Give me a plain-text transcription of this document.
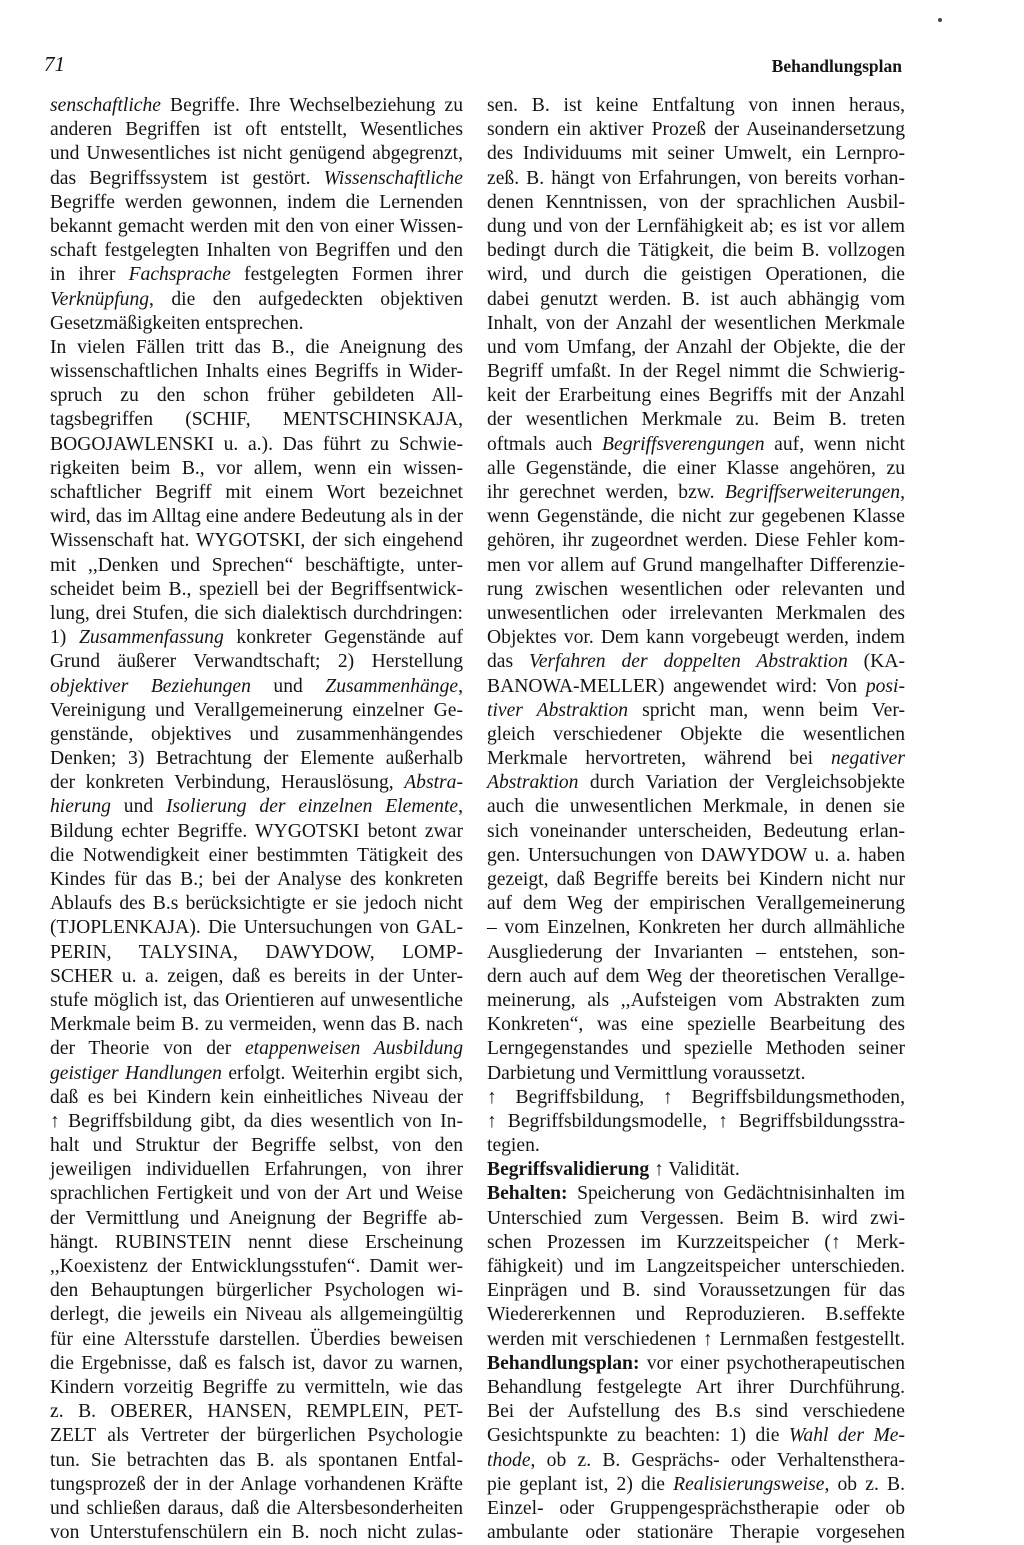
71	Behandlungsplan
senschaftliche Begriffe. Ihre Wechselbeziehung zu
anderen Begriffen ist oft entstellt, Wesentliches
und Unwesentliches ist nicht genügend abgegrenzt,
das Begriffssystem ist gestört. Wissenschaftliche
Begriffe werden gewonnen, indem die Lernenden
bekannt gemacht werden mit den von einer Wissen-
schaft festgelegten Inhalten von Begriffen und den
in ihrer Fachsprache festgelegten Formen ihrer
Verknüpfung, die den aufgedeckten objektiven
Gesetzmäßigkeiten entsprechen.
In vielen Fällen tritt das B., die Aneignung des
wissenschaftlichen Inhalts eines Begriffs in Wider-
spruch zu den schon früher gebildeten All-
tagsbegriffen (SCHIF, MENTSCHINSKAJA,
BOGOJAWLENSKI u. a.). Das führt zu Schwie-
rigkeiten beim B., vor allem, wenn ein wissen-
schaftlicher Begriff mit einem Wort bezeichnet
wird, das im Alltag eine andere Bedeutung als in der
Wissenschaft hat. WYGOTSKI, der sich eingehend
mit ,,Denken und Sprechen“ beschäftigte, unter-
scheidet beim B., speziell bei der Begriffsentwick-
lung, drei Stufen, die sich dialektisch durchdringen:
1) Zusammenfassung konkreter Gegenstände auf
Grund äußerer Verwandtschaft; 2) Herstellung
objektiver Beziehungen und Zusammenhänge,
Vereinigung und Verallgemeinerung einzelner Ge-
genstände, objektives und zusammenhängendes
Denken; 3) Betrachtung der Elemente außerhalb
der konkreten Verbindung, Herauslösung, Abstra-
hierung und Isolierung der einzelnen Elemente,
Bildung echter Begriffe. WYGOTSKI betont zwar
die Notwendigkeit einer bestimmten Tätigkeit des
Kindes für das B.; bei der Analyse des konkreten
Ablaufs des B.s berücksichtigte er sie jedoch nicht
(TJOPLENKAJA). Die Untersuchungen von GAL-
PERIN, TALYSINA, DAWYDOW, LOMP-
SCHER u. a. zeigen, daß es bereits in der Unter-
stufe möglich ist, das Orientieren auf unwesentliche
Merkmale beim B. zu vermeiden, wenn das B. nach
der Theorie von der etappenweisen Ausbildung
geistiger Handlungen erfolgt. Weiterhin ergibt sich,
daß es bei Kindern kein einheitliches Niveau der
↑ Begriffsbildung gibt, da dies wesentlich von In-
halt und Struktur der Begriffe selbst, von den
jeweiligen individuellen Erfahrungen, von ihrer
sprachlichen Fertigkeit und von der Art und Weise
der Vermittlung und Aneignung der Begriffe ab-
hängt. RUBINSTEIN nennt diese Erscheinung
,,Koexistenz der Entwicklungsstufen“. Damit wer-
den Behauptungen bürgerlicher Psychologen wi-
derlegt, die jeweils ein Niveau als allgemeingültig
für eine Altersstufe darstellen. Überdies beweisen
die Ergebnisse, daß es falsch ist, davor zu warnen,
Kindern vorzeitig Begriffe zu vermitteln, wie das
z. B. OBERER, HANSEN, REMPLEIN, PET-
ZELT als Vertreter der bürgerlichen Psychologie
tun. Sie betrachten das B. als spontanen Entfal-
tungsprozeß der in der Anlage vorhandenen Kräfte
und schließen daraus, daß die Altersbesonderheiten
von Unterstufenschülern ein B. noch nicht zulas-
sen. B. ist keine Entfaltung von innen heraus,
sondern ein aktiver Prozeß der Auseinandersetzung
des Individuums mit seiner Umwelt, ein Lernpro-
zeß. B. hängt von Erfahrungen, von bereits vorhan-
denen Kenntnissen, von der sprachlichen Ausbil-
dung und von der Lernfähigkeit ab; es ist vor allem
bedingt durch die Tätigkeit, die beim B. vollzogen
wird, und durch die geistigen Operationen, die
dabei genutzt werden. B. ist auch abhängig vom
Inhalt, von der Anzahl der wesentlichen Merkmale
und vom Umfang, der Anzahl der Objekte, die der
Begriff umfaßt. In der Regel nimmt die Schwierig-
keit der Erarbeitung eines Begriffs mit der Anzahl
der wesentlichen Merkmale zu. Beim B. treten
oftmals auch Begriffsverengungen auf, wenn nicht
alle Gegenstände, die einer Klasse angehören, zu
ihr gerechnet werden, bzw. Begriffserweiterungen,
wenn Gegenstände, die nicht zur gegebenen Klasse
gehören, ihr zugeordnet werden. Diese Fehler kom-
men vor allem auf Grund mangelhafter Differenzie-
rung zwischen wesentlichen oder relevanten und
unwesentlichen oder irrelevanten Merkmalen des
Objektes vor. Dem kann vorgebeugt werden, indem
das Verfahren der doppelten Abstraktion (KA-
BANOWA-MELLER) angewendet wird: Von posi-
tiver Abstraktion spricht man, wenn beim Ver-
gleich verschiedener Objekte die wesentlichen
Merkmale hervortreten, während bei negativer
Abstraktion durch Variation der Vergleichsobjekte
auch die unwesentlichen Merkmale, in denen sie
sich voneinander unterscheiden, Bedeutung erlan-
gen. Untersuchungen von DAWYDOW u. a. haben
gezeigt, daß Begriffe bereits bei Kindern nicht nur
auf dem Weg der empirischen Verallgemeinerung
– vom Einzelnen, Konkreten her durch allmähliche
Ausgliederung der Invarianten – entstehen, son-
dern auch auf dem Weg der theoretischen Verallge-
meinerung, als ,,Aufsteigen vom Abstrakten zum
Konkreten“, was eine spezielle Bearbeitung des
Lerngegenstandes und spezielle Methoden seiner
Darbietung und Vermittlung voraussetzt.
↑ Begriffsbildung, ↑ Begriffsbildungsmethoden,
↑ Begriffsbildungsmodelle, ↑ Begriffsbildungsstra-
tegien.
Begriffsvalidierung ↑ Validität.
Behalten: Speicherung von Gedächtnisinhalten im
Unterschied zum Vergessen. Beim B. wird zwi-
schen Prozessen im Kurzzeitspeicher (↑ Merk-
fähigkeit) und im Langzeitspeicher unterschieden.
Einprägen und B. sind Voraussetzungen für das
Wiedererkennen und Reproduzieren. B.seffekte
werden mit verschiedenen ↑ Lernmaßen festgestellt.
Behandlungsplan: vor einer psychotherapeutischen
Behandlung festgelegte Art ihrer Durchführung.
Bei der Aufstellung des B.s sind verschiedene
Gesichtspunkte zu beachten: 1) die Wahl der Me-
thode, ob z. B. Gesprächs- oder Verhaltensthera-
pie geplant ist, 2) die Realisierungsweise, ob z. B.
Einzel- oder Gruppengesprächstherapie oder ob
ambulante oder stationäre Therapie vorgesehen
